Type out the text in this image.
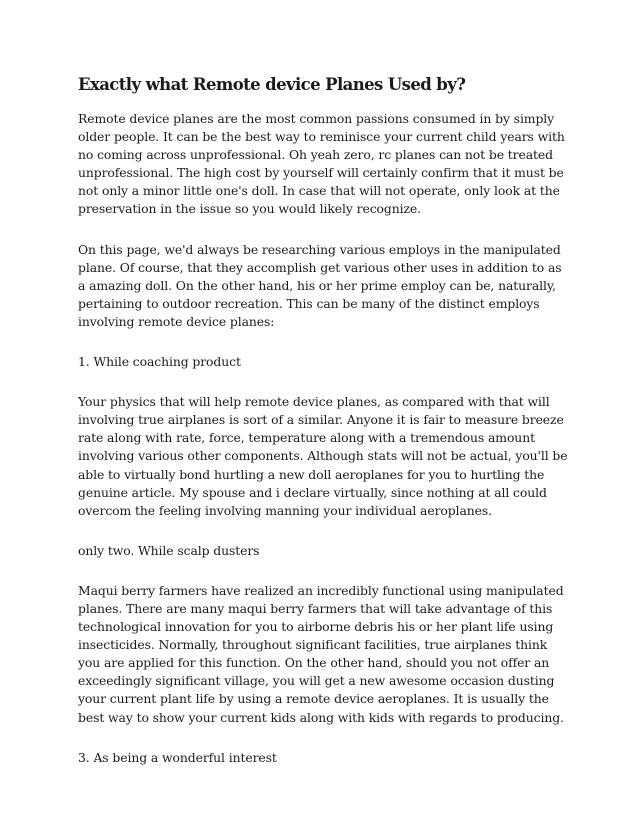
Exactly what Remote device Planes Used by?

Remote device planes are the most common passions consumed in by simply older people. It can be the best way to reminisce your current child years with no coming across unprofessional. Oh yeah zero, rc planes can not be treated unprofessional. The high cost by yourself will certainly confirm that it must be not only a minor little one's doll. In case that will not operate, only look at the preservation in the issue so you would likely recognize.

On this page, we'd always be researching various employs in the manipulated plane. Of course, that they accomplish get various other uses in addition to as a amazing doll. On the other hand, his or her prime employ can be, naturally, pertaining to outdoor recreation. This can be many of the distinct employs involving remote device planes:

1. While coaching product

Your physics that will help remote device planes, as compared with that will involving true airplanes is sort of a similar. Anyone it is fair to measure breeze rate along with rate, force, temperature along with a tremendous amount involving various other components. Although stats will not be actual, you'll be able to virtually bond hurtling a new doll aeroplanes for you to hurtling the genuine article. My spouse and i declare virtually, since nothing at all could overcom the feeling involving manning your individual aeroplanes.

only two. While scalp dusters

Maqui berry farmers have realized an incredibly functional using manipulated planes. There are many maqui berry farmers that will take advantage of this technological innovation for you to airborne debris his or her plant life using insecticides. Normally, throughout significant facilities, true airplanes think you are applied for this function. On the other hand, should you not offer an exceedingly significant village, you will get a new awesome occasion dusting your current plant life by using a remote device aeroplanes. It is usually the best way to show your current kids along with kids with regards to producing.

3. As being a wonderful interest
